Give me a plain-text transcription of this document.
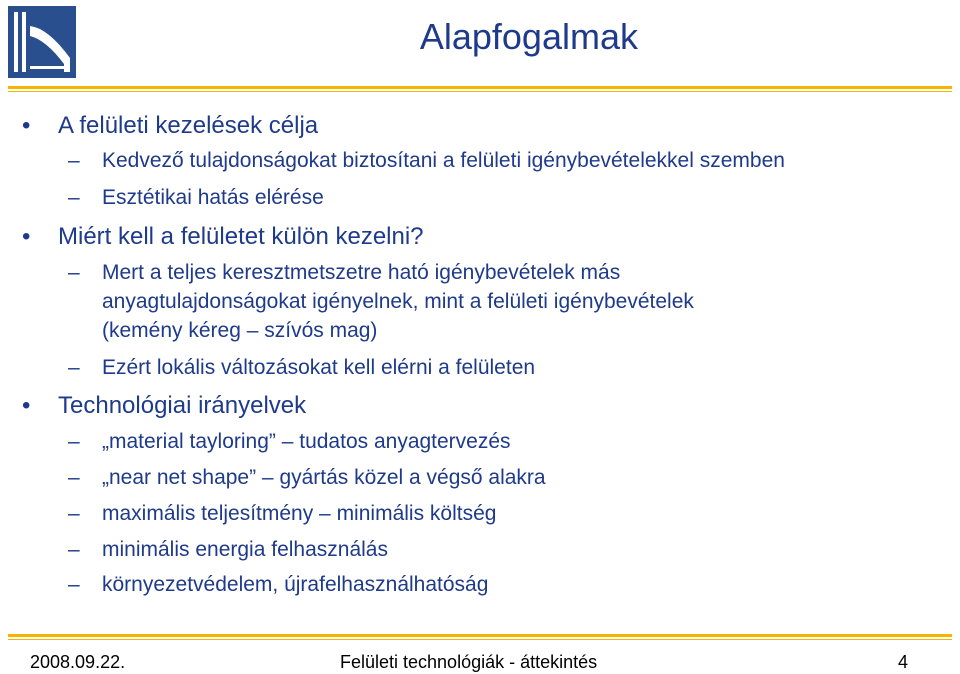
Alapfogalmak
• A felületi kezelések célja
– Kedvező tulajdonságokat biztosítani a felületi igénybevételekkel szemben
– Esztétikai hatás elérése
• Miért kell a felületet külön kezelni?
– Mert a teljes keresztmetszetre ható igénybevételek más
anyagtulajdonságokat igényelnek, mint a felületi igénybevételek
(kemény kéreg – szívós mag)
– Ezért lokális változásokat kell elérni a felületen
• Technológiai irányelvek
– „material tayloring” – tudatos anyagtervezés
– „near net shape” – gyártás közel a végső alakra
– maximális teljesítmény – minimális költség
– minimális energia felhasználás
– környezetvédelem, újrafelhasználhatóság
2008.09.22.	Felületi technológiák - áttekintés	4
